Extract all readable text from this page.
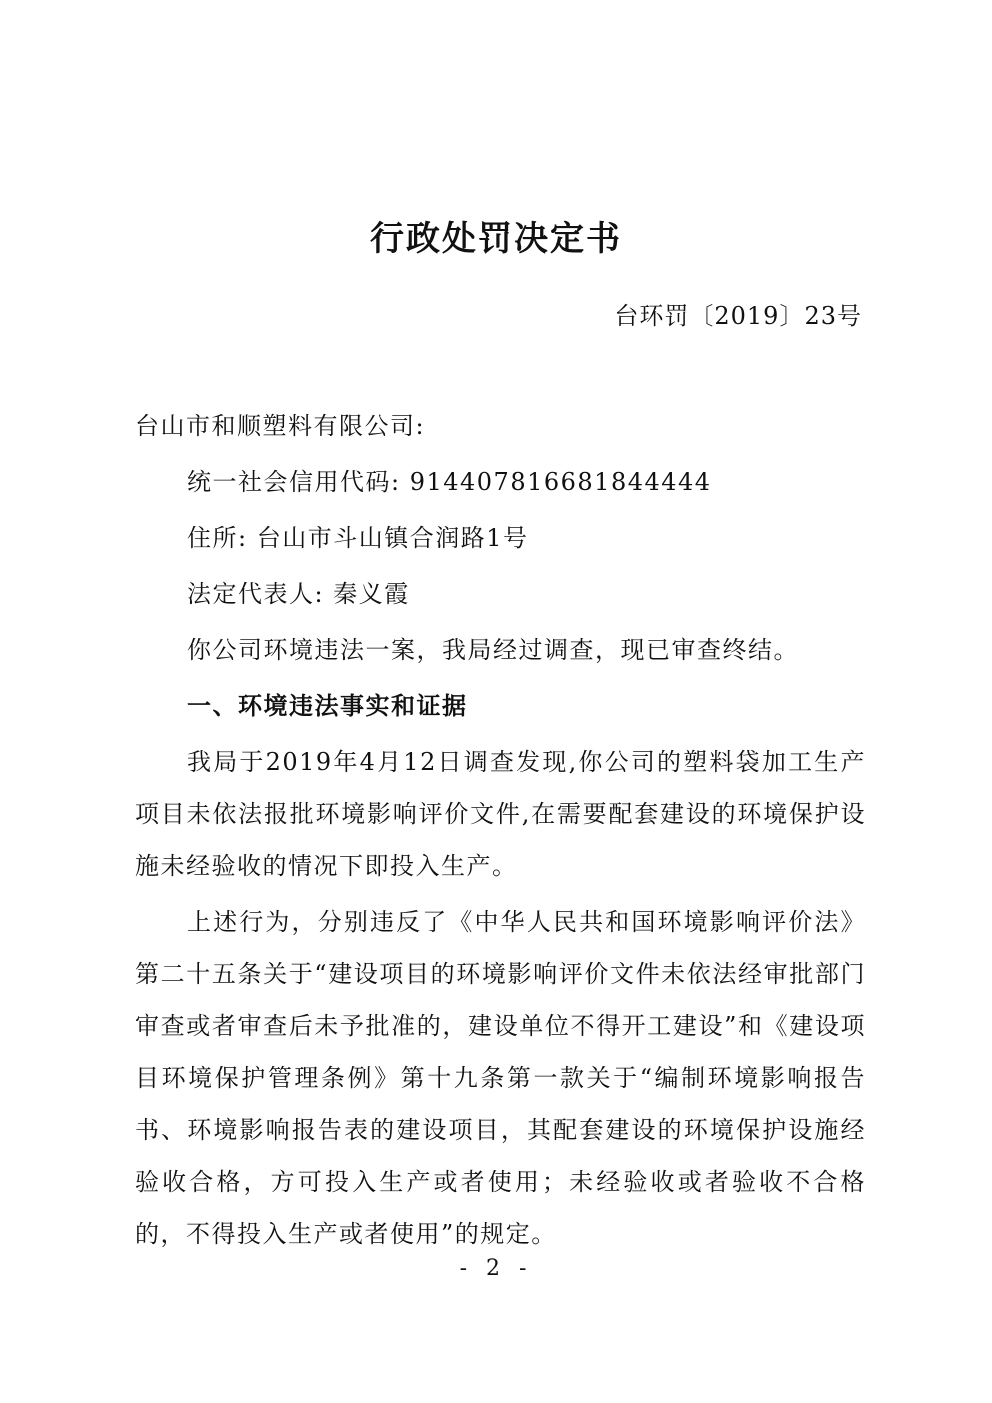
行政处罚决定书
台环罚〔2019〕23号

台山市和顺塑料有限公司:

统一社会信用代码: 914407816681844444

住所: 台山市斗山镇合润路1号

法定代表人: 秦义霞

你公司环境违法一案，我局经过调查，现已审查终结。

一、环境违法事实和证据

我局于2019年4月12日调查发现,你公司的塑料袋加工生产项目未依法报批环境影响评价文件,在需要配套建设的环境保护设施未经验收的情况下即投入生产。

上述行为，分别违反了《中华人民共和国环境影响评价法》第二十五条关于“建设项目的环境影响评价文件未依法经审批部门审查或者审查后未予批准的，建设单位不得开工建设”和《建设项目环境保护管理条例》第十九条第一款关于“编制环境影响报告书、环境影响报告表的建设项目，其配套建设的环境保护设施经验收合格，方可投入生产或者使用；未经验收或者验收不合格的，不得投入生产或者使用”的规定。

- 2 -
